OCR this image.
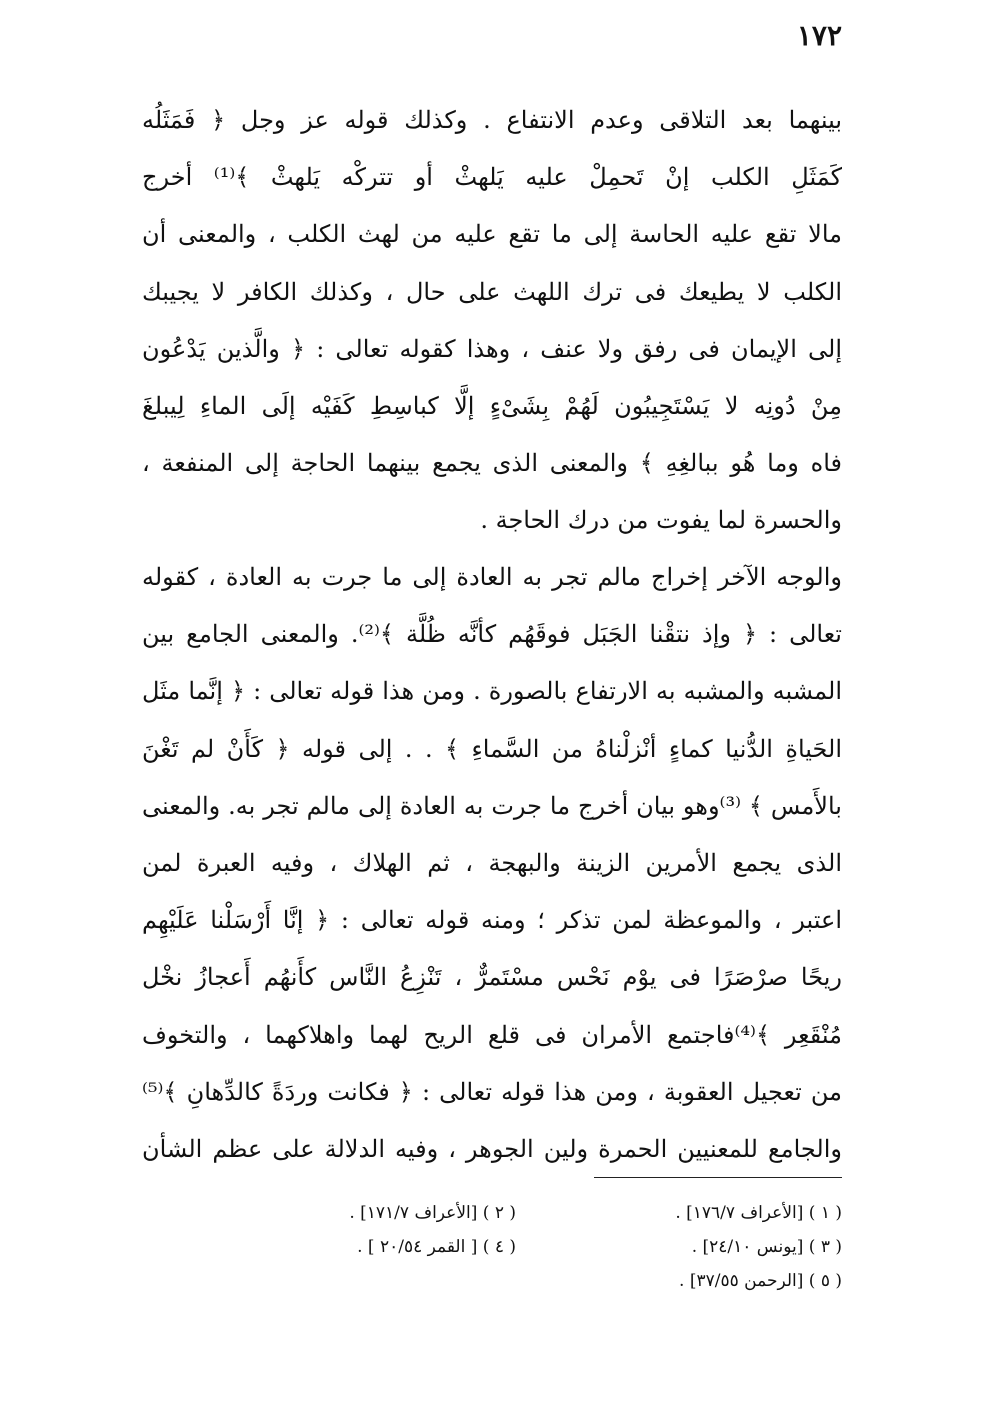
١٧٢
بينهما بعد التلاقى وعدم الانتفاع . وكذلك قوله عز وجل ﴿ فَمَثَلُه
كَمَثَلِ الكلب إنْ تَحمِلْ عليه يَلهثْ أو تتركْه يَلهثْ ﴾⁽¹⁾ أخرج
مالا تقع عليه الحاسة إلى ما تقع عليه من لهث الكلب ، والمعنى أن
الكلب لا يطيعك فى ترك اللهث على حال ، وكذلك الكافر لا يجيبك
إلى الإيمان فى رفق ولا عنف ، وهذا كقوله تعالى : ﴿ والَّذين يَدْعُون
مِنْ دُونِه لا يَسْتَجِيبُون لَهُمْ بِشَىْءٍ إلَّا كباسِطِ كَفَيْه إلَى الماءِ لِيبلغَ
فاه وما هُو ببالغِهِ ﴾ والمعنى الذى يجمع بينهما الحاجة إلى المنفعة ،
والحسرة لما يفوت من درك الحاجة .
والوجه الآخر إخراج مالم تجر به العادة إلى ما جرت به العادة ، كقوله
تعالى : ﴿ وإذ نتقْنا الجَبَل فوقَهُم كأنَّه ظُلَّة ﴾⁽²⁾. والمعنى الجامع بين
المشبه والمشبه به الارتفاع بالصورة . ومن هذا قوله تعالى : ﴿ إنَّما مثَل
الحَياةِ الدُّنيا كماءٍ أنْزلْناهُ من السَّماءِ ﴾ . . إلى قوله ﴿ كَأَنْ لم تَغْنَ
بالأَمس ﴾ ⁽³⁾وهو بيان أخرج ما جرت به العادة إلى مالم تجر به. والمعنى
الذى يجمع الأمرين الزينة والبهجة ، ثم الهلاك ، وفيه العبرة لمن
اعتبر ، والموعظة لمن تذكر ؛ ومنه قوله تعالى : ﴿ إنَّا أَرْسَلْنا عَلَيْهِم
ريحًا صرْصَرًا فى يوْم نَحْس مسْتَمرٌّ ، تَنْزِعُ النَّاس كأَنهُم أَعجازُ نخْل
مُنْقَعِر ﴾⁽⁴⁾فاجتمع الأمران فى قلع الريح لهما واهلاكهما ، والتخوف
من تعجيل العقوبة ، ومن هذا قوله تعالى : ﴿ فكانت وردَةً كالدِّهانِ ﴾⁽⁵⁾
والجامع للمعنيين الحمرة ولين الجوهر ، وفيه الدلالة على عظم الشأن
( ١ ) [الأعراف ١٧٦/٧] .
( ٢ ) [الأعراف ١٧١/٧] .
( ٣ ) [يونس ٢٤/١٠] .
( ٤ ) [ القمر ٢٠/٥٤ ] .
( ٥ ) [الرحمن ٣٧/٥٥] .
